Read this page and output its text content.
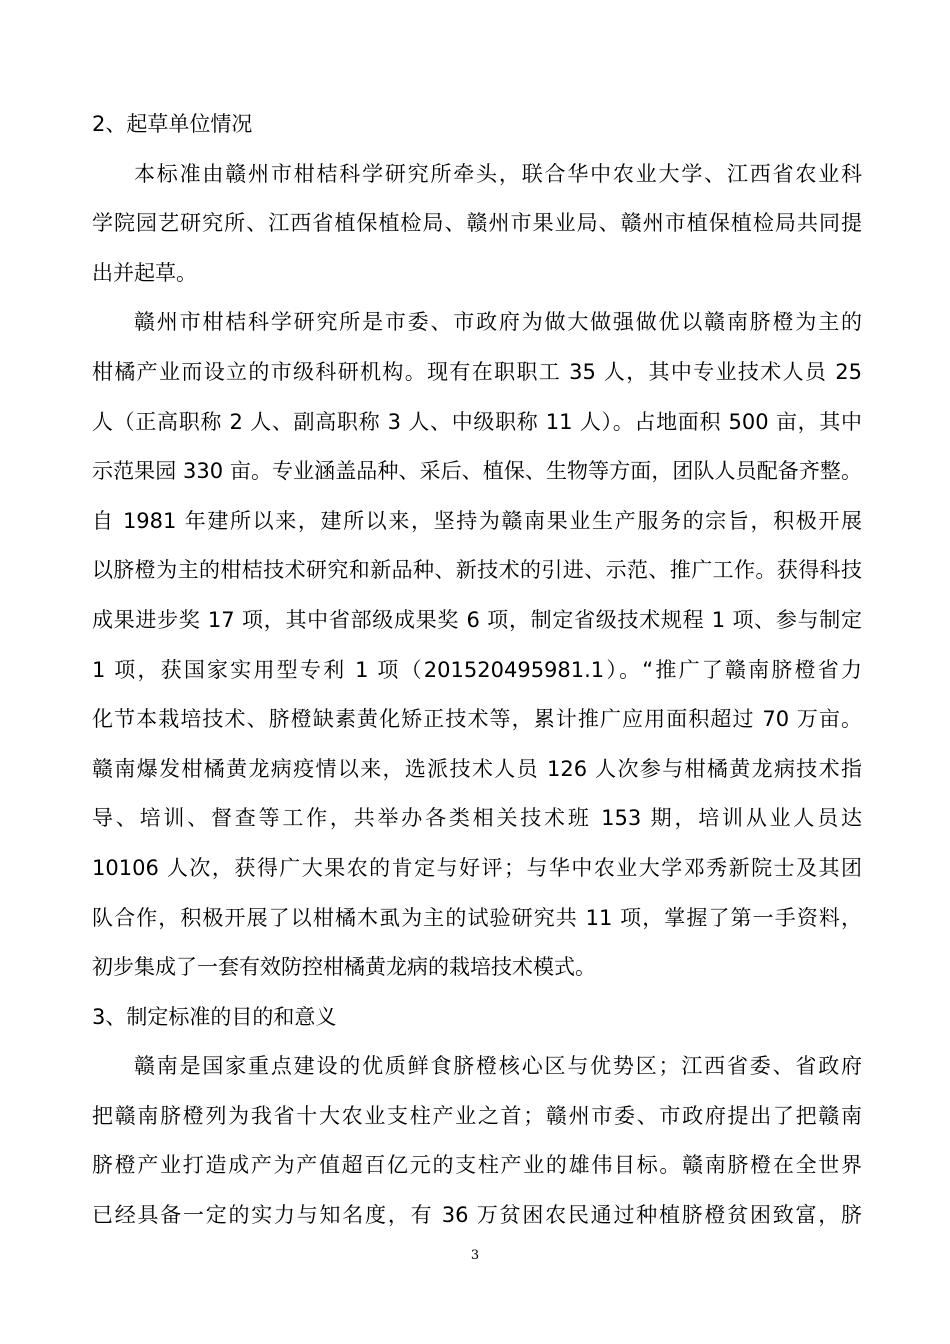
2、起草单位情况
本标准由赣州市柑桔科学研究所牵头，联合华中农业大学、江西省农业科
学院园艺研究所、江西省植保植检局、赣州市果业局、赣州市植保植检局共同提
出并起草。
赣州市柑桔科学研究所是市委、市政府为做大做强做优以赣南脐橙为主的
柑橘产业而设立的市级科研机构。现有在职职工 35 人，其中专业技术人员 25
人（正高职称 2 人、副高职称 3 人、中级职称 11 人）。占地面积 500 亩，其中
示范果园 330 亩。专业涵盖品种、采后、植保、生物等方面，团队人员配备齐整。
自 1981 年建所以来，建所以来，坚持为赣南果业生产服务的宗旨，积极开展
以脐橙为主的柑桔技术研究和新品种、新技术的引进、示范、推广工作。获得科技
成果进步奖 17 项，其中省部级成果奖 6 项，制定省级技术规程 1 项、参与制定
1 项，获国家实用型专利 1 项（201520495981.1）。“推广了赣南脐橙省力
化节本栽培技术、脐橙缺素黄化矫正技术等，累计推广应用面积超过 70 万亩。
赣南爆发柑橘黄龙病疫情以来，选派技术人员 126 人次参与柑橘黄龙病技术指
导、培训、督查等工作，共举办各类相关技术班 153 期，培训从业人员达
10106 人次，获得广大果农的肯定与好评；与华中农业大学邓秀新院士及其团
队合作，积极开展了以柑橘木虱为主的试验研究共 11 项，掌握了第一手资料，
初步集成了一套有效防控柑橘黄龙病的栽培技术模式。
3、制定标准的目的和意义
赣南是国家重点建设的优质鲜食脐橙核心区与优势区；江西省委、省政府
把赣南脐橙列为我省十大农业支柱产业之首；赣州市委、市政府提出了把赣南
脐橙产业打造成产为产值超百亿元的支柱产业的雄伟目标。赣南脐橙在全世界
已经具备一定的实力与知名度，有 36 万贫困农民通过种植脐橙贫困致富，脐
3
